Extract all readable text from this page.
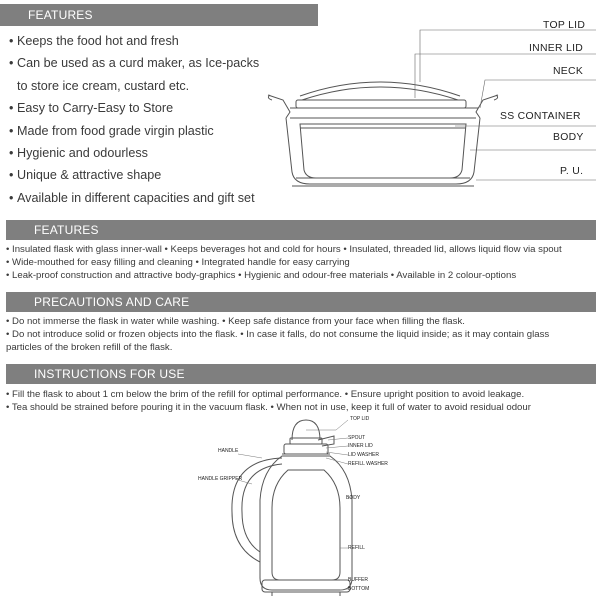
FEATURES
FEATURES
PRECAUTIONS AND CARE
INSTRUCTIONS FOR USE
• Keeps the food hot and fresh
• Can be used as a curd maker, as Ice-packs
to store ice cream, custard etc.
• Easy to Carry-Easy to Store
• Made from food grade virgin plastic
• Hygienic and odourless
• Unique & attractive shape
• Available in different capacities and gift set
TOP LID
INNER LID
NECK
SS CONTAINER
BODY
P. U.
• Insulated flask with glass inner-wall • Keeps beverages hot and cold for hours • Insulated, threaded lid, allows liquid flow via spout
• Wide-mouthed for easy filling and cleaning • Integrated handle for easy carrying
• Leak-proof construction and attractive body-graphics • Hygienic and odour-free materials • Available in 2 colour-options
• Do not immerse the flask in water while washing. • Keep safe distance from your face when filling the flask.
• Do not introduce solid or frozen objects into the flask. • In case it falls, do not consume the liquid inside; as it may contain glass
particles of the broken refill of the flask.
• Fill the flask to about 1 cm below the brim of the refill for optimal performance. • Ensure upright position to avoid leakage.
• Tea should be strained before pouring it in the vacuum flask. • When not in use, keep it full of water to avoid residual odour
TOP LID
SPOUT
INNER LID
LID WASHER
REFILL WASHER
HANDLE
HANDLE GRIPPER
BODY
REFILL
BUFFER
BOTTOM
